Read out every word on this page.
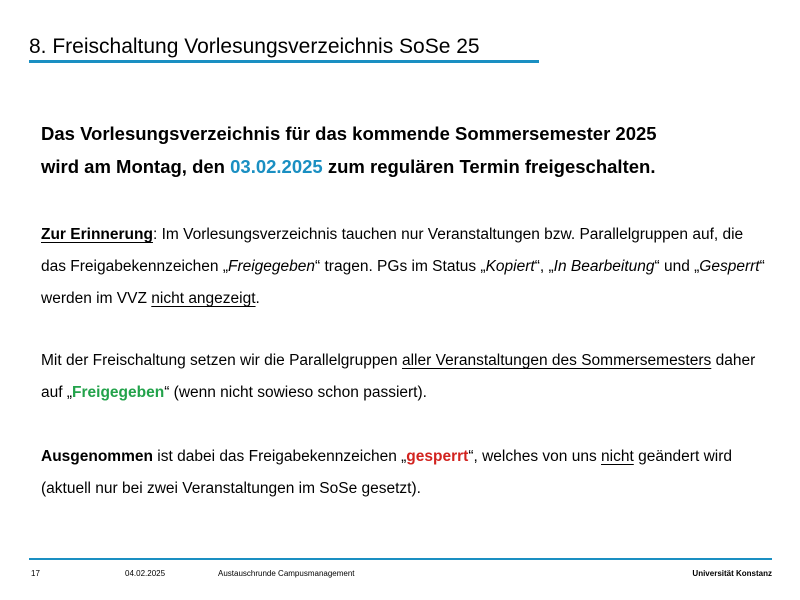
8. Freischaltung Vorlesungsverzeichnis SoSe 25

Das Vorlesungsverzeichnis für das kommende Sommersemester 2025
wird am Montag, den 03.02.2025 zum regulären Termin freigeschalten.

Zur Erinnerung: Im Vorlesungsverzeichnis tauchen nur Veranstaltungen bzw. Parallelgruppen auf, die das Freigabekennzeichen „Freigegeben“ tragen. PGs im Status „Kopiert“, „In Bearbeitung“ und „Gesperrt“ werden im VVZ nicht angezeigt.

Mit der Freischaltung setzen wir die Parallelgruppen aller Veranstaltungen des Sommersemesters daher auf „Freigegeben“ (wenn nicht sowieso schon passiert).

Ausgenommen ist dabei das Freigabekennzeichen „gesperrt“, welches von uns nicht geändert wird (aktuell nur bei zwei Veranstaltungen im SoSe gesetzt).

17	04.02.2025	Austauschrunde Campusmanagement	Universität Konstanz
